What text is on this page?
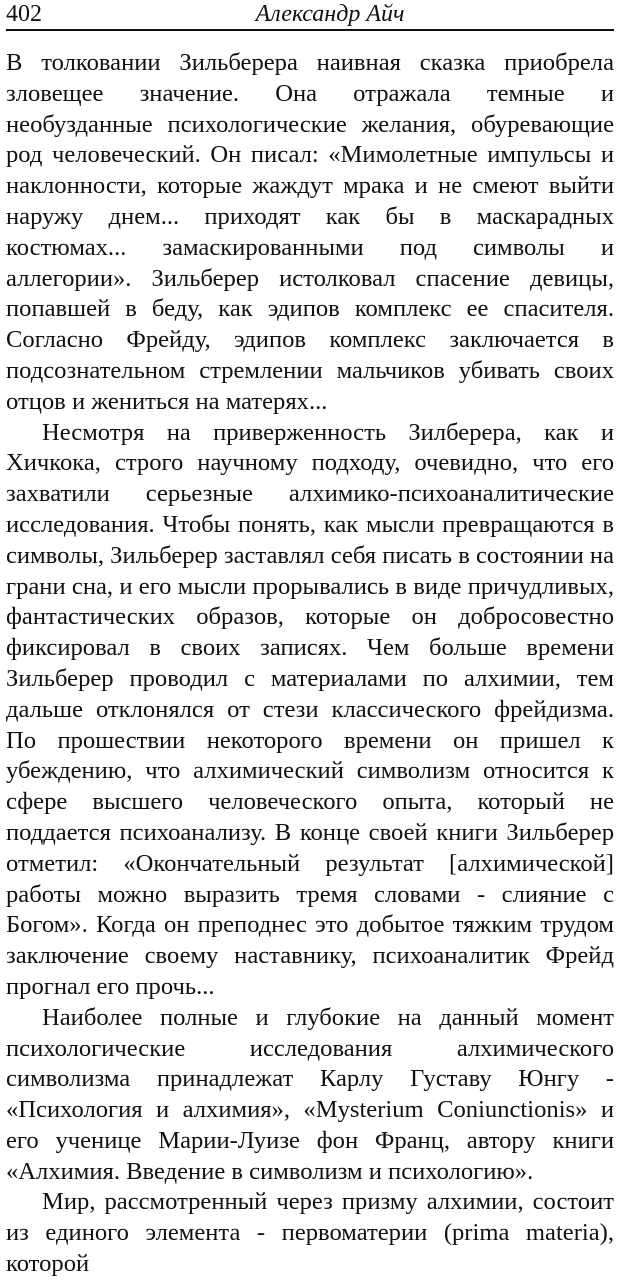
402	Александр Айч

В толковании Зильберера наивная сказка приобрела зловещее значение. Она отражала темные и необузданные психологические желания, обуревающие род человеческий. Он писал: «Мимолетные импульсы и наклонности, которые жаждут мрака и не смеют выйти наружу днем... приходят как бы в маскарадных костюмах... замаскированными под символы и аллегории». Зильберер истолковал спасение девицы, попавшей в беду, как эдипов комплекс ее спасителя. Согласно Фрейду, эдипов комплекс заключается в подсознательном стремлении мальчиков убивать своих отцов и жениться на матерях...

Несмотря на приверженность Зилберера, как и Хичкока, строго научному подходу, очевидно, что его захватили серьезные алхимико-психоаналитические исследования. Чтобы понять, как мысли превращаются в символы, Зильберер заставлял себя писать в состоянии на грани сна, и его мысли прорывались в виде причудливых, фантастических образов, которые он добросовестно фиксировал в своих записях. Чем больше времени Зильберер проводил с материалами по алхимии, тем дальше отклонялся от стези классического фрейдизма. По прошествии некоторого времени он пришел к убеждению, что алхимический символизм относится к сфере высшего человеческого опыта, который не поддается психоанализу. В конце своей книги Зильберер отметил: «Окончательный результат [алхимической] работы можно выразить тремя словами - слияние с Богом». Когда он преподнес это добытое тяжким трудом заключение своему наставнику, психоаналитик Фрейд прогнал его прочь...

Наиболее полные и глубокие на данный момент психологические исследования алхимического символизма принадлежат Карлу Густаву Юнгу - «Психология и алхимия», «Mysterium Coniunctionis» и его ученице Марии-Луизе фон Франц, автору книги «Алхимия. Введение в символизм и психологию».

Мир, рассмотренный через призму алхимии, состоит из единого элемента - первоматерии (prima materia), которой
